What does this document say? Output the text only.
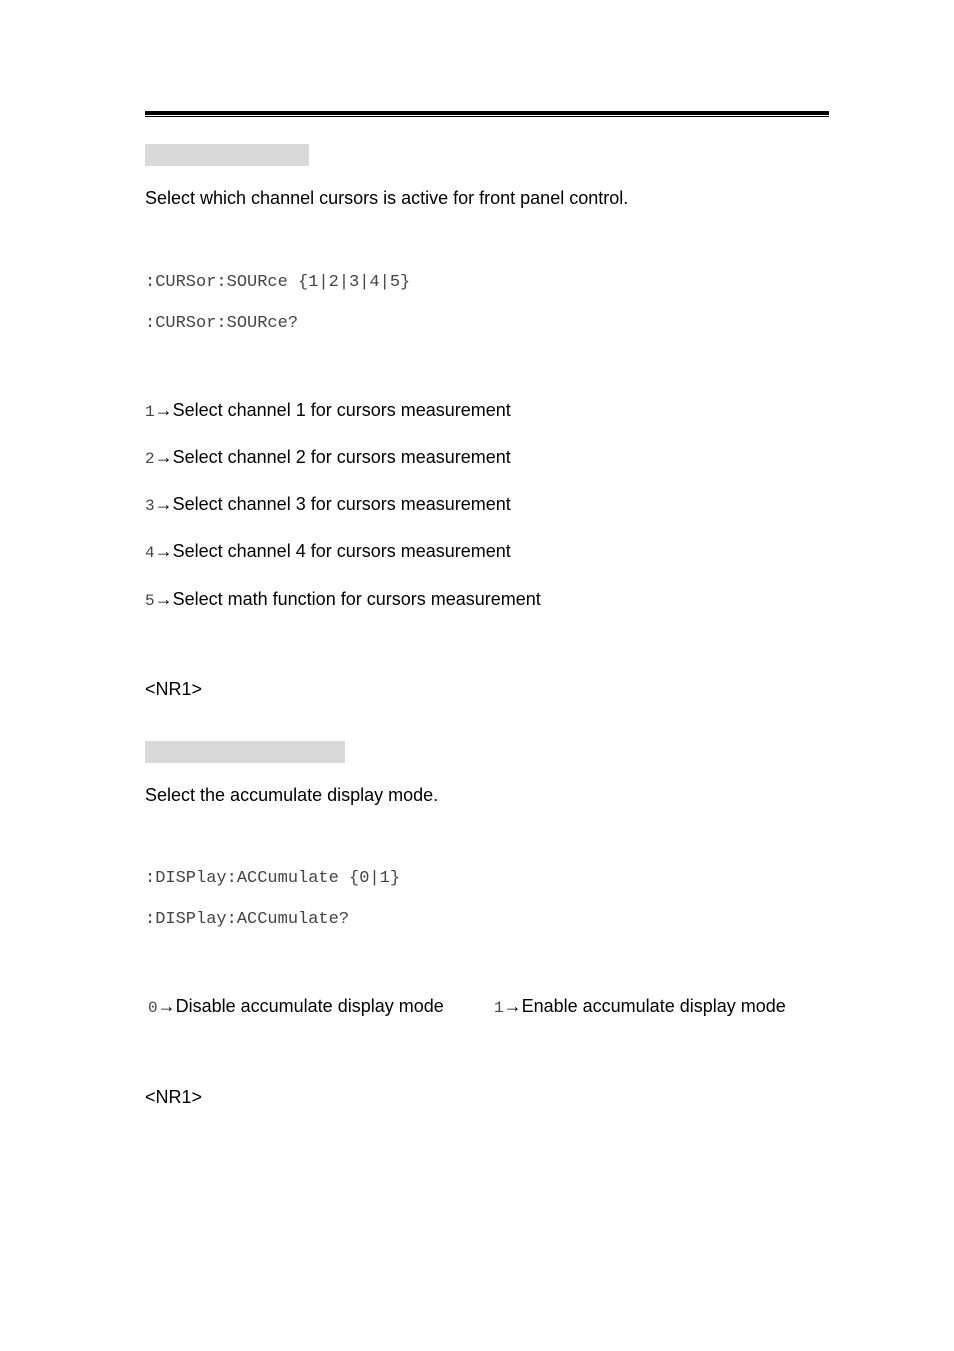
Select which channel cursors is active for front panel control.
:CURSor:SOURce {1|2|3|4|5}
:CURSor:SOURce?
1→Select channel 1 for cursors measurement
2→Select channel 2 for cursors measurement
3→Select channel 3 for cursors measurement
4→Select channel 4 for cursors measurement
5→Select math function for cursors measurement
<NR1>
Select the accumulate display mode.
:DISPlay:ACCumulate {0|1}
:DISPlay:ACCumulate?
0→Disable accumulate display mode	1→Enable accumulate display mode
<NR1>
